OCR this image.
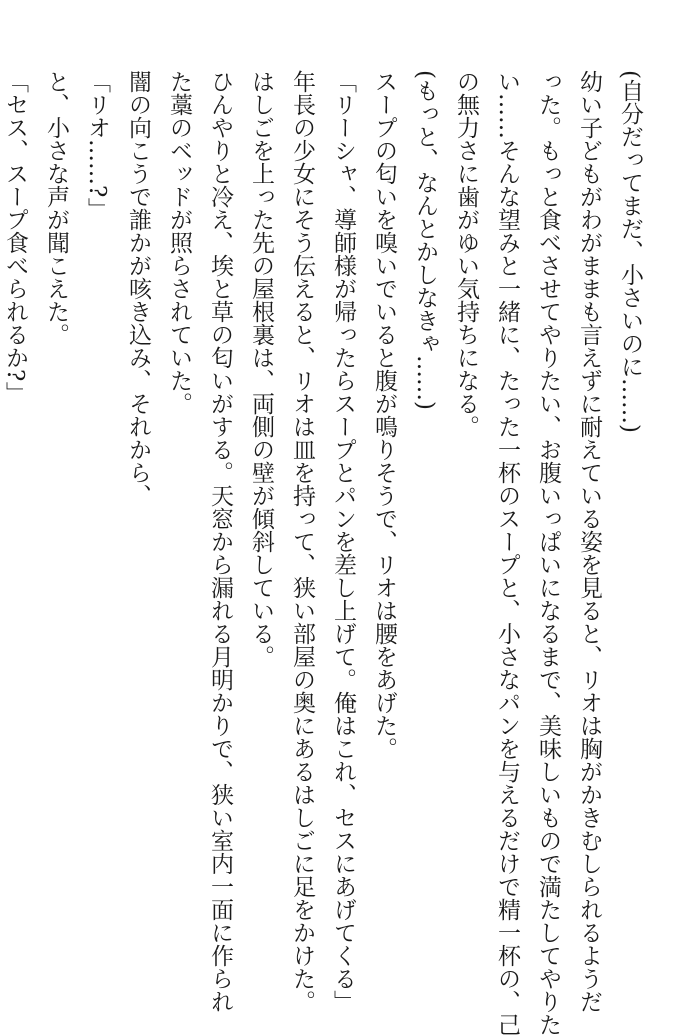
(自分だってまだ、小さいのに……)

幼い子どもがわがままも言えずに耐えている姿を見ると、リオは胸がかきむしられるようだ

った。もっと食べさせてやりたい、お腹いっぱいになるまで、美味しいもので満たしてやりた

い……そんな望みと一緒に、たった一杯のスープと、小さなパンを与えるだけで精一杯の、己

の無力さに歯がゆい気持ちになる。

(もっと、なんとかしなきゃ……)

スープの匂いを嗅いでいると腹が鳴りそうで、リオは腰をあげた。

「リーシャ、導師様が帰ったらスープとパンを差し上げて。俺はこれ、セスにあげてくる」

年長の少女にそう伝えると、リオは皿を持って、狭い部屋の奥にあるはしごに足をかけた。

はしごを上った先の屋根裏は、両側の壁が傾斜している。

ひんやりと冷え、埃と草の匂いがする。天窓から漏れる月明かりで、狭い室内一面に作られ

た藁のベッドが照らされていた。

闇の向こうで誰かが咳き込み、それから、

「リオ……?」

と、小さな声が聞こえた。

「セス、スープ食べられるか?」
